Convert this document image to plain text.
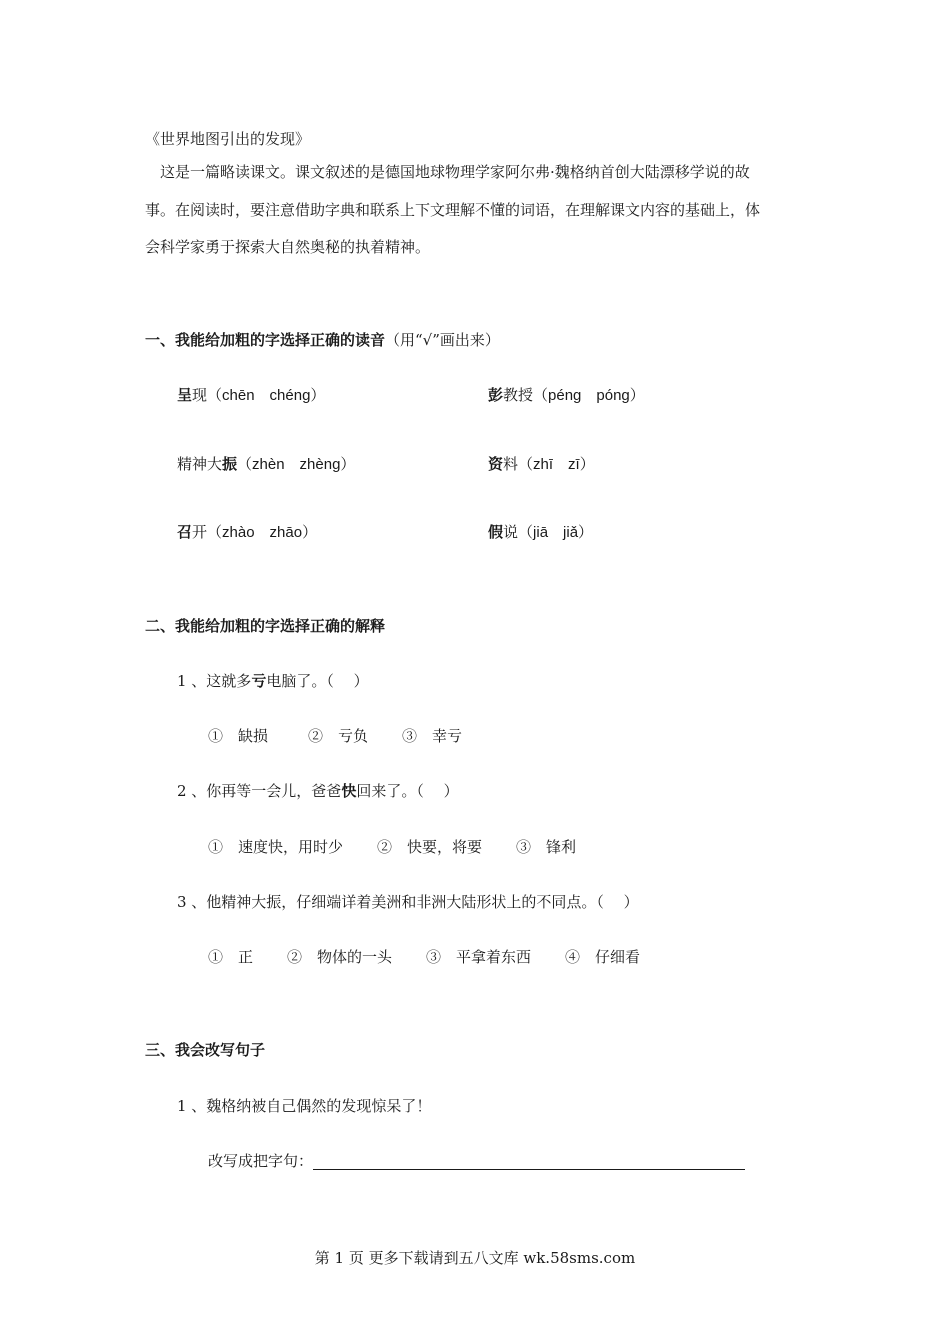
《世界地图引出的发现》
这是一篇略读课文。课文叙述的是德国地球物理学家阿尔弗·魏格纳首创大陆漂移学说的故
事。在阅读时，要注意借助字典和联系上下文理解不懂的词语，在理解课文内容的基础上，体
会科学家勇于探索大自然奥秘的执着精神。
一、我能给加粗的字选择正确的读音（用“√”画出来）
呈现（chēn　chéng）	彭教授（péng　póng）
精神大振（zhèn　zhèng）	资料（zhī　zī）
召开（zhào　zhāo）	假说（jiā　jiǎ）
二、我能给加粗的字选择正确的解释
1 、这就多亏电脑了。（　 ）
①　缺损	②　亏负 ③　幸亏
2 、你再等一会儿，爸爸快回来了。（　 ）
①　速度快，用时少 ②　快要，将要 ③　锋利
3 、他精神大振，仔细端详着美洲和非洲大陆形状上的不同点。（　 ）
①　正 ②　物体的一头 ③　平拿着东西 ④　仔细看
三、我会改写句子
1 、魏格纳被自己偶然的发现惊呆了！
改写成把字句：
第 1 页 更多下载请到五八文库 wk.58sms.com
